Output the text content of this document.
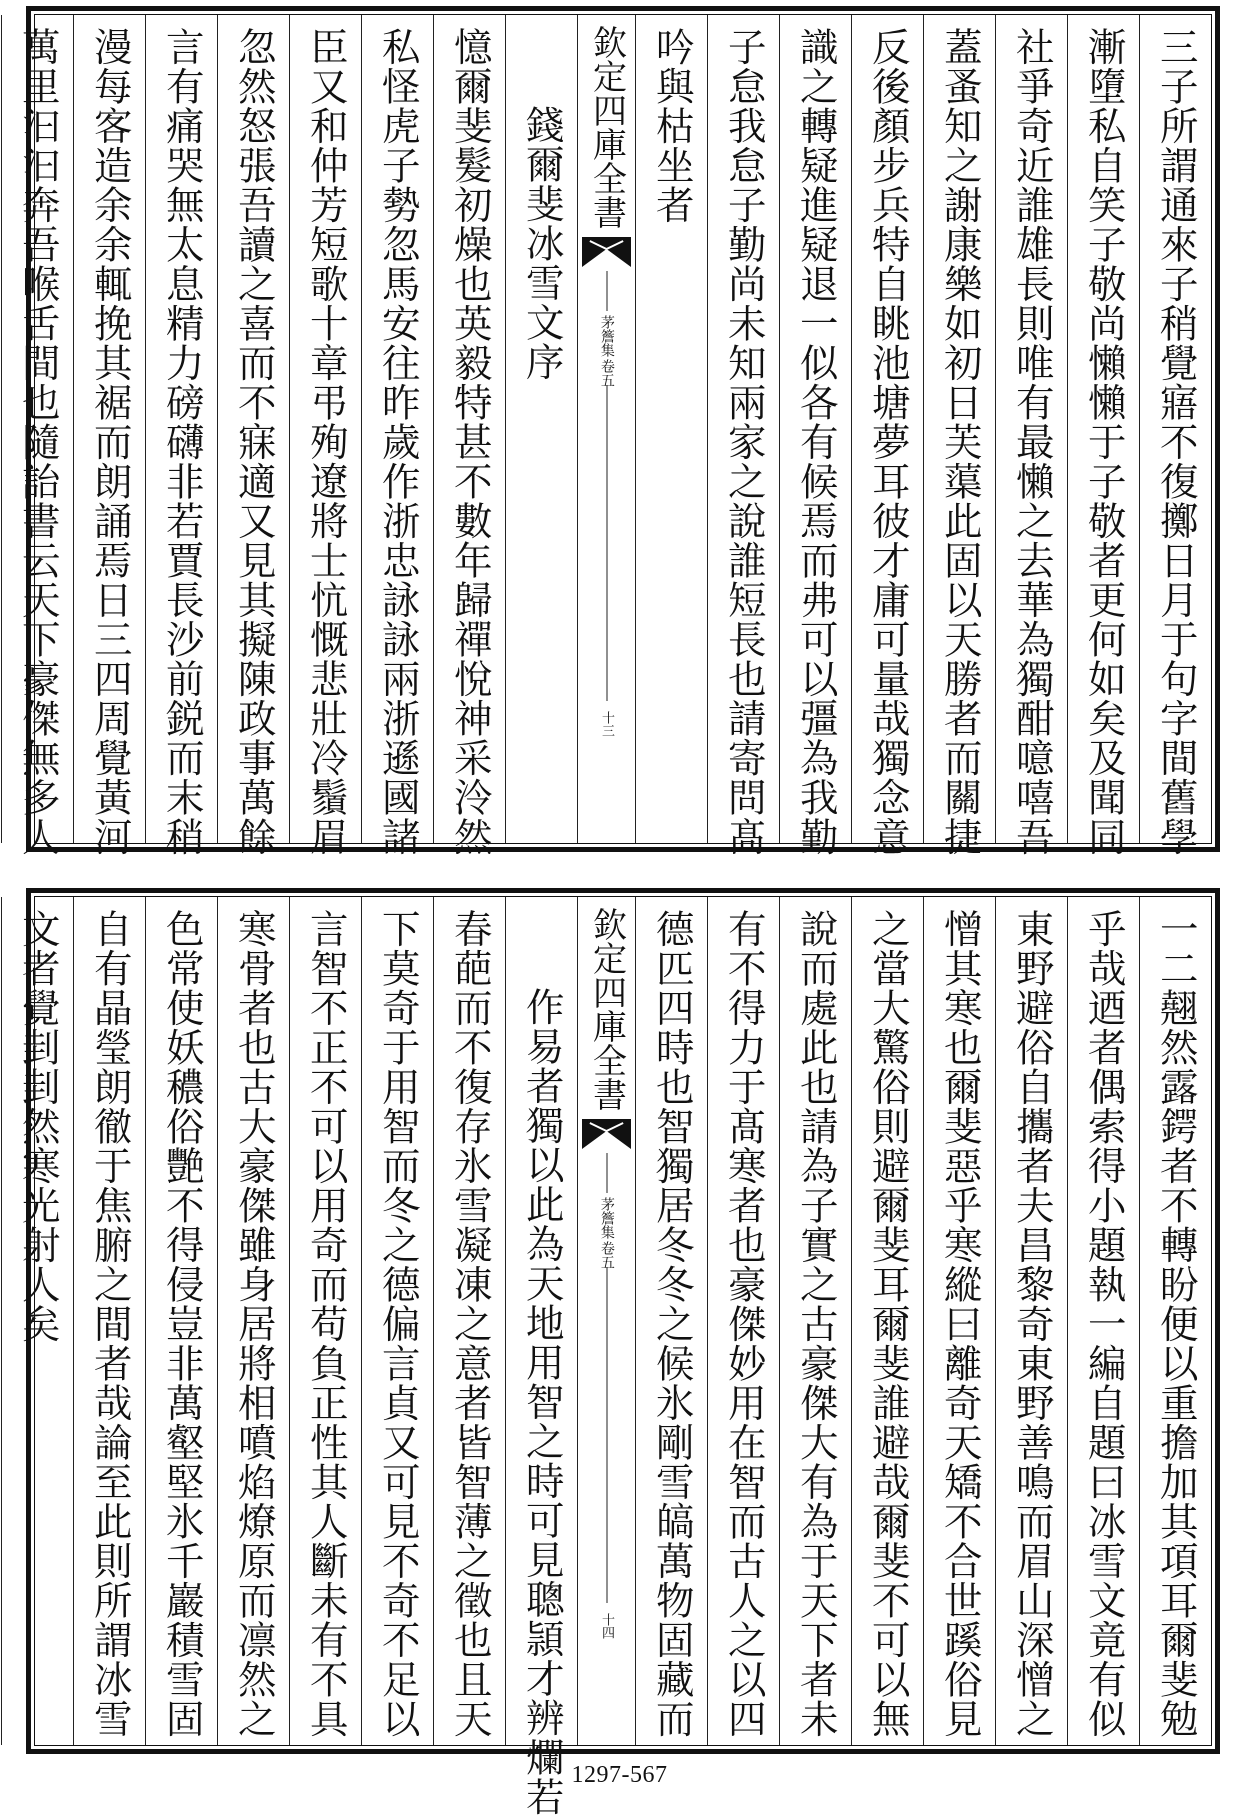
三子所謂通來子稍覺寤不復擲日月于句字間舊學
漸墮私自笑子敬尚懶懶于子敬者更何如矣及聞同
社爭奇近誰雄長則唯有最懶之去華為獨酣噫嘻吾
蓋蚤知之謝康樂如初日芙蕖此固以天勝者而關捷
反後顏步兵特自眺池塘夢耳彼才庸可量哉獨念意
識之轉疑進疑退一似各有候焉而弗可以彊為我勤
子怠我怠子勤尚未知兩家之說誰短長也請寄問髙
吟與枯坐者
欽定四庫全書
茅簷集
卷五
十三
錢爾斐冰雪文序
憶爾斐髮初燥也英毅特甚不數年歸禪悅神采泠然
私怪虎子勢忽馬安往昨歲作浙忠詠詠兩浙遜國諸
臣又和仲芳短歌十章弔殉遼將士忼慨悲壯冷鬚眉
忽然怒張吾讀之喜而不寐適又見其擬陳政事萬餘
言有痛哭無太息精力磅礴非若賈長沙前鋭而末稍
漫每客造余余輒挽其裾而朗誦焉日三四周覺黃河
萬里汩汩奔吾喉舌間也隨詒書云天下豪傑無多人
一二翹然露鍔者不轉盼便以重擔加其項耳爾斐勉
乎哉迺者偶索得小題執一編自題曰冰雪文竟有似
東野避俗自攜者夫昌黎奇東野善鳴而眉山深憎之
憎其寒也爾斐惡乎寒縱曰離奇天矯不合世蹊俗見
之當大驚俗則避爾斐耳爾斐誰避哉爾斐不可以無
說而處此也請為子實之古豪傑大有為于天下者未
有不得力于髙寒者也豪傑妙用在智而古人之以四
德匹四時也智獨居冬冬之候氷剛雪皜萬物固藏而
欽定四庫全書
茅簷集
卷五
十四
作易者獨以此為天地用智之時可見聰頴才辨爛若
春葩而不復存氷雪凝凍之意者皆智薄之徵也且天
下莫奇于用智而冬之德偏言貞又可見不奇不足以
言智不正不可以用奇而苟負正性其人斷未有不具
寒骨者也古大豪傑雖身居將相噴焰燎原而凛然之
色常使妖穠俗艷不得侵豈非萬壑堅氷千巖積雪固
自有晶瑩朗徹于焦腑之間者哉論至此則所謂冰雪
文者覺刲刲然寒光射人矣
1297-567
